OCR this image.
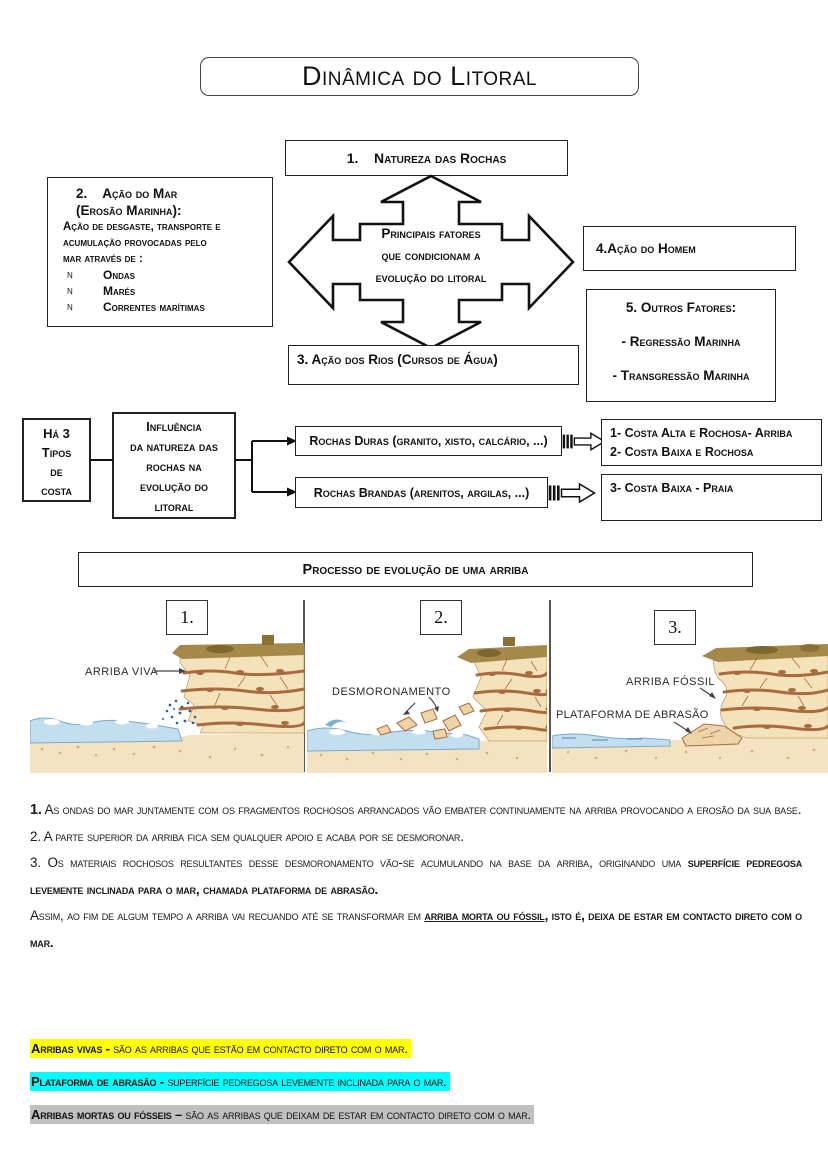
Dinâmica do Litoral
1.    Natureza das Rochas
2.    Ação do Mar
(Erosão Marinha):
Ação de desgaste, transporte e
acumulação provocadas pelo
mar através de :
ν	Ondas
ν	Marés
ν	Correntes marítimas
Principais fatores
que condicionam a
evolução do litoral
3. Ação dos Rios (Cursos de Água)
4.Ação do Homem
5. Outros Fatores:
- Regressão Marinha
- Transgressão Marinha
Há 3
Tipos
de
costa
Influência
da natureza das
rochas na
evolução do
litoral
Rochas Duras (granito, xisto, calcário, ...)
Rochas Brandas (arenitos, argilas, ...)
1- Costa Alta e Rochosa- Arriba
2- Costa Baixa e Rochosa
3- Costa Baixa - Praia
Processo de evolução de uma arriba
1.	2.	3.
ARRIBA VIVA
DESMORONAMENTO
ARRIBA FÓSSIL
PLATAFORMA DE ABRASÃO

1. As ondas do mar juntamente com os fragmentos rochosos arrancados vão embater continuamente na arriba provocando a erosão da sua base.

2. A parte superior da arriba fica sem qualquer apoio e acaba por se desmoronar.

3. Os materiais rochosos resultantes desse desmoronamento vão-se acumulando na base da arriba, originando uma superfície pedregosa levemente inclinada para o mar, chamada plataforma de abrasão.

Assim, ao fim de algum tempo a arriba vai recuando até se transformar em arriba morta ou fóssil, isto é, deixa de estar em contacto direto com o mar.

Arribas vivas - são as arribas que estão em contacto direto com o mar.
Plataforma de abrasão - superfície pedregosa levemente inclinada para o mar.
Arribas mortas ou fósseis – são as arribas que deixam de estar em contacto direto com o mar.
